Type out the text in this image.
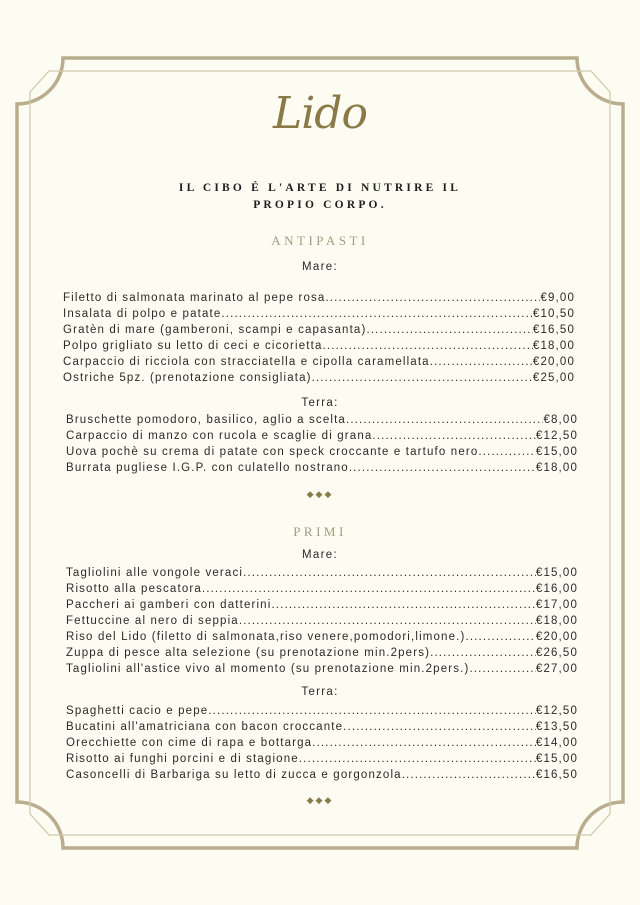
Lido
IL CIBO É L'ARTE DI NUTRIRE IL
PROPIO CORPO.
ANTIPASTI
Mare:
Filetto di salmonata marinato al pepe rosa .....	€9,00
Insalata di polpo e patate .....	€10,50
Gratèn di mare (gamberoni, scampi e capasanta) .....	€16,50
Polpo grigliato su letto di ceci e cicorietta .....	€18,00
Carpaccio di ricciola con stracciatella e cipolla caramellata .....	€20,00
Ostriche 5pz. (prenotazione consigliata) .....	€25,00
Terra:
Bruschette pomodoro, basilico, aglio a scelta .....	€8,00
Carpaccio di manzo con rucola e scaglie di grana .....	€12,50
Uova pochè su crema di patate con speck croccante e tartufo nero .....	€15,00
Burrata pugliese I.G.P. con culatello nostrano .....	€18,00
◆◆◆
PRIMI
Mare:
Tagliolini alle vongole veraci .....	€15,00
Risotto alla pescatora .....	€16,00
Paccheri ai gamberi con datterini .....	€17,00
Fettuccine al nero di seppia .....	€18,00
Riso del Lido (filetto di salmonata,riso venere,pomodori,limone.) .....	€20,00
Zuppa di pesce alta selezione (su prenotazione min.2pers) .....	€26,50
Tagliolini all'astice vivo al momento (su prenotazione min.2pers.) .....	€27,00
Terra:
Spaghetti cacio e pepe .....	€12,50
Bucatini all'amatriciana con bacon croccante .....	€13,50
Orecchiette con cime di rapa e bottarga .....	€14,00
Risotto ai funghi porcini e di stagione .....	€15,00
Casoncelli di Barbariga su letto di zucca e gorgonzola .....	€16,50
◆◆◆
